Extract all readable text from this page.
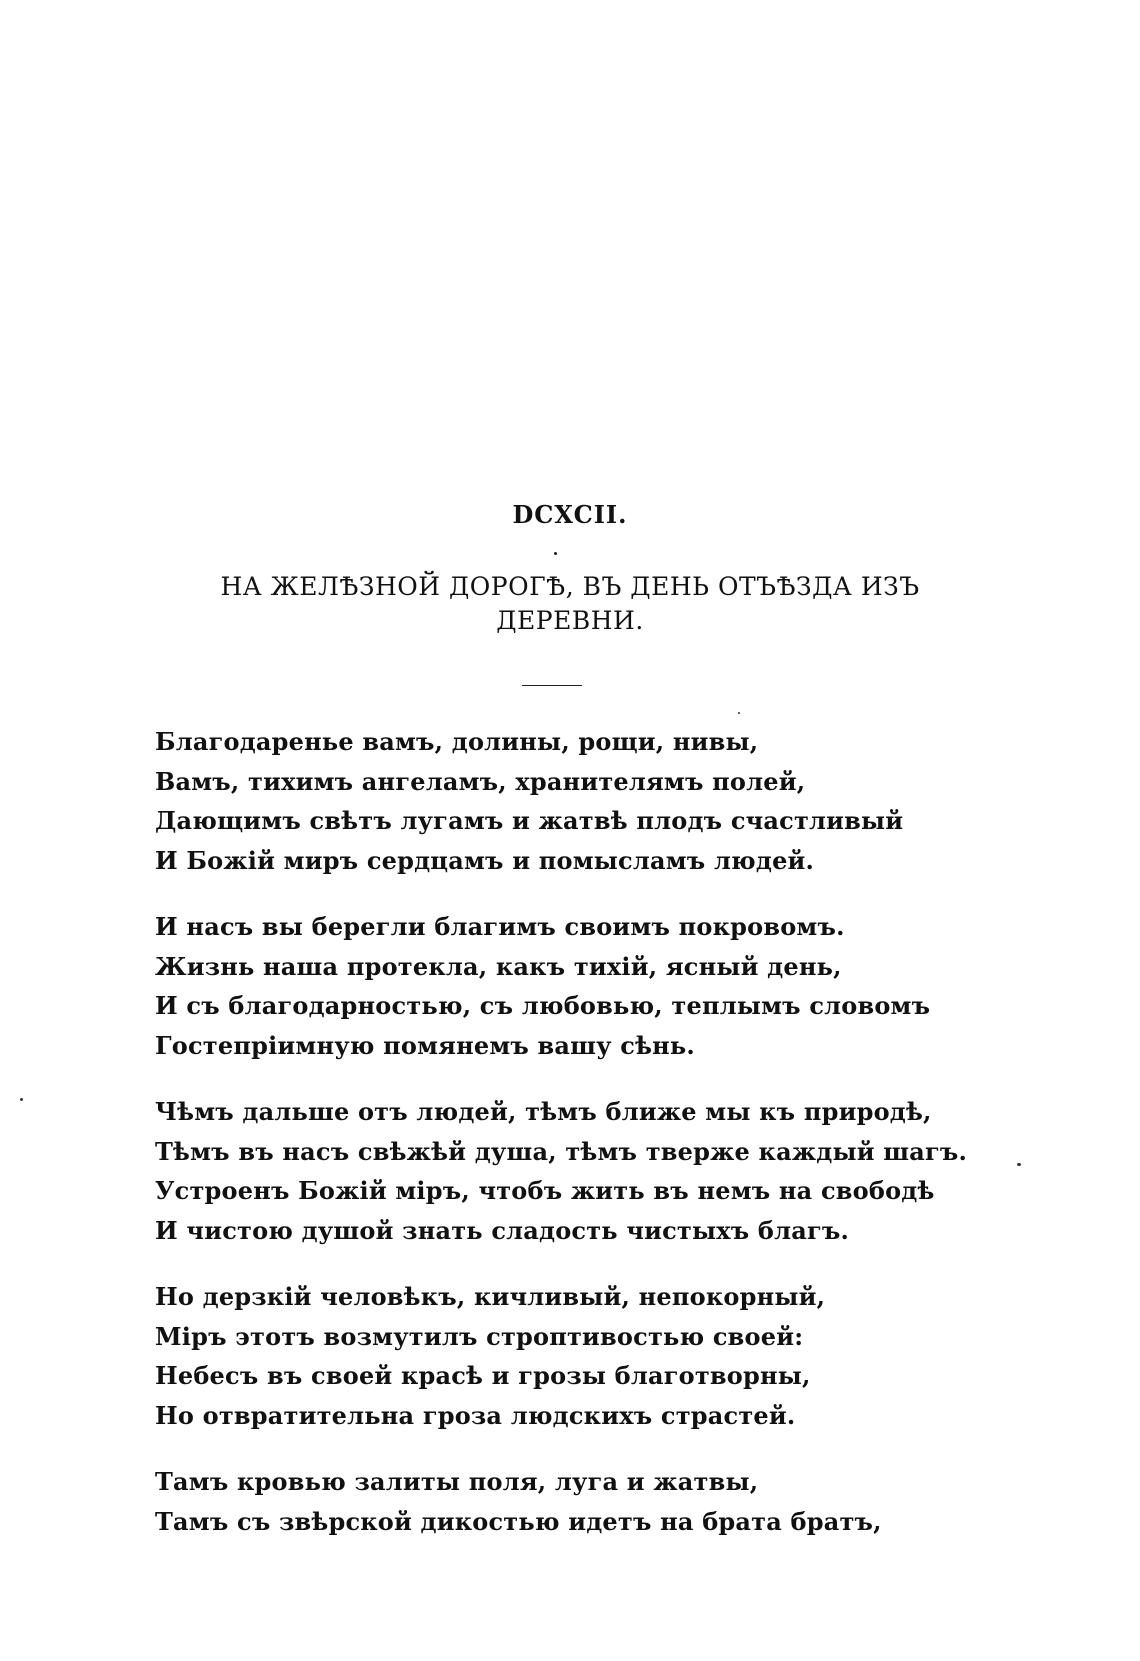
DCXCII.
НА ЖЕЛѢЗНОЙ ДОРОГѢ, ВЪ ДЕНЬ ОТЪѢЗДА ИЗЪ
ДЕРЕВНИ.
Благодаренье вамъ, долины, рощи, нивы,
Вамъ, тихимъ ангеламъ, хранителямъ полей,
Дающимъ свѣтъ лугамъ и жатвѣ плодъ счастливый
И Божій миръ сердцамъ и помысламъ людей.
И насъ вы берегли благимъ своимъ покровомъ.
Жизнь наша протекла, какъ тихій, ясный день,
И съ благодарностью, съ любовью, теплымъ словомъ
Гостепріимную помянемъ вашу сѣнь.
Чѣмъ дальше отъ людей, тѣмъ ближе мы къ природѣ,
Тѣмъ въ насъ свѣжѣй душа, тѣмъ тверже каждый шагъ.
Устроенъ Божій міръ, чтобъ жить въ немъ на свободѣ
И чистою душой знать сладость чистыхъ благъ.
Но дерзкій человѣкъ, кичливый, непокорный,
Міръ этотъ возмутилъ строптивостью своей:
Небесъ въ своей красѣ и грозы благотворны,
Но отвратительна гроза людскихъ страстей.
Тамъ кровью залиты поля, луга и жатвы,
Тамъ съ звѣрской дикостью идетъ на брата братъ,
